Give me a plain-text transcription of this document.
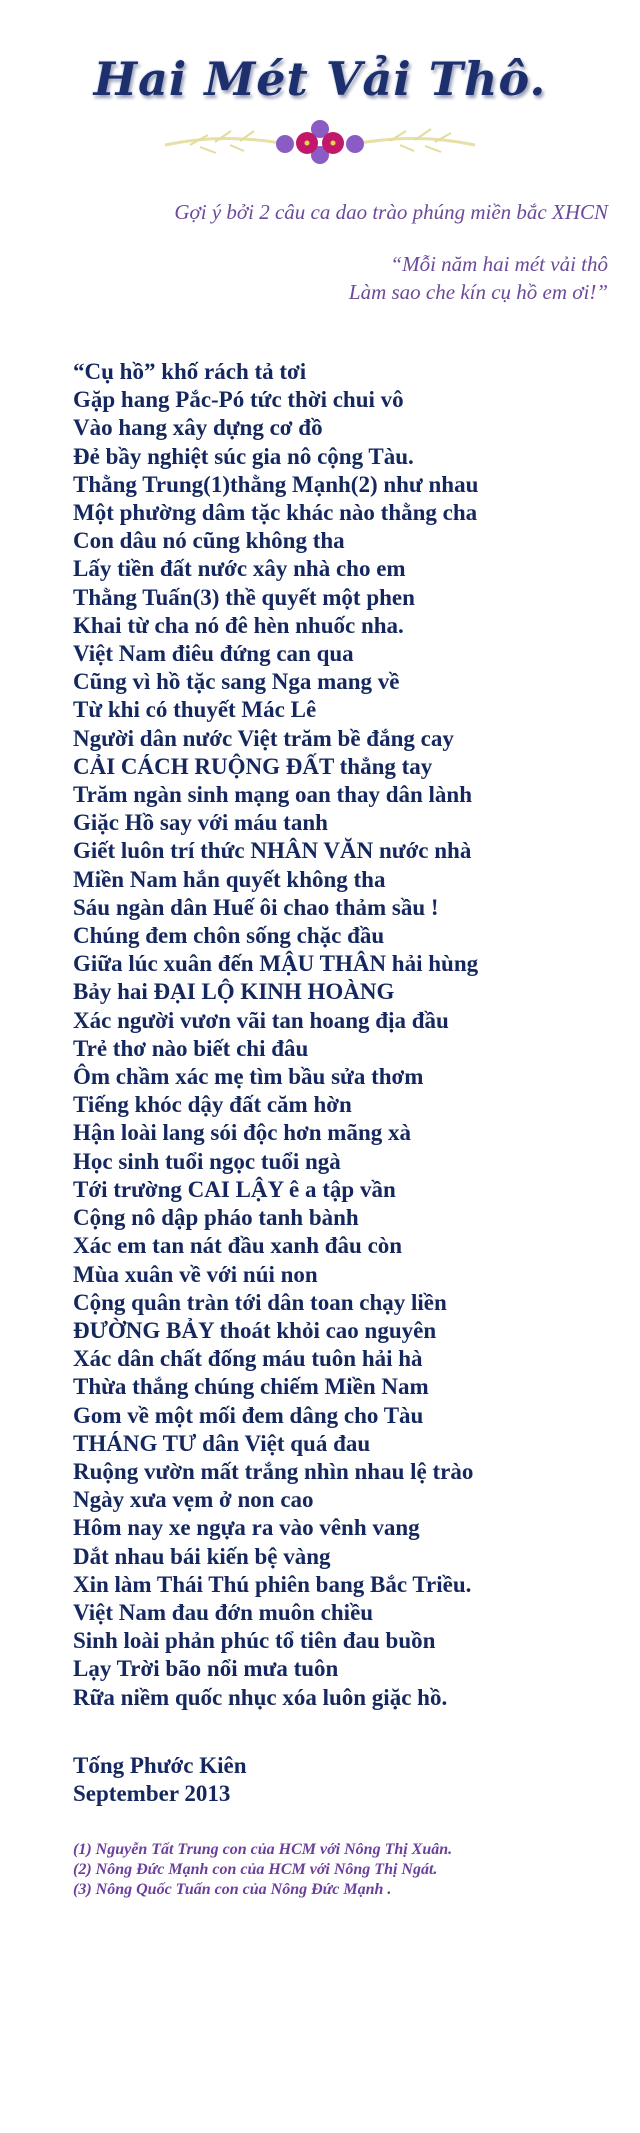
Hai Mét Vải Thô.
Gợi ý bởi 2 câu ca dao trào phúng miền bắc XHCN
“Mỗi năm hai mét vải thô
Làm sao che kín cụ hồ em ơi!”
“Cụ hồ” khố rách tả tơi
Gặp hang Pắc-Pó tức thời chui vô
Vào hang xây dựng cơ đồ
Đẻ bầy nghiệt súc gia nô cộng Tàu.
Thằng Trung(1)thằng Mạnh(2) như nhau
Một phường dâm tặc khác nào thằng cha
Con dâu nó cũng không tha
Lấy tiền đất nước xây nhà cho em
Thằng Tuấn(3) thề quyết một phen
Khai từ cha nó đê hèn nhuốc nha.
Việt Nam điêu đứng can qua
Cũng vì hồ tặc sang Nga mang về
Từ khi có thuyết Mác Lê
Người dân nước Việt trăm bề đắng cay
CẢI CÁCH RUỘNG ĐẤT thẳng tay
Trăm ngàn sinh mạng oan thay dân lành
Giặc Hồ say với máu tanh
Giết luôn trí thức NHÂN VĂN nước nhà
Miền Nam hắn quyết không tha
Sáu ngàn dân Huế ôi chao thảm sầu !
Chúng đem chôn sống chặc đầu
Giữa lúc xuân đến MẬU THÂN hải hùng
Bảy hai ĐẠI LỘ KINH HOÀNG
Xác người vươn vãi tan hoang địa đầu
Trẻ thơ nào biết chi đâu
Ôm chầm xác mẹ tìm bầu sửa thơm
Tiếng khóc dậy đất căm hờn
Hận loài lang sói độc hơn mãng xà
Học sinh tuổi ngọc tuổi ngà
Tới trường CAI LẬY ê a tập vần
Cộng nô dập pháo tanh bành
Xác em tan nát đầu xanh đâu còn
Mùa xuân về với núi non
Cộng quân tràn tới dân toan chạy liền
ĐƯỜNG BẢY thoát khỏi cao nguyên
Xác dân chất đống máu tuôn hải hà
Thừa thắng chúng chiếm Miền Nam
Gom về một mối đem dâng cho Tàu
THÁNG TƯ dân Việt quá đau
Ruộng vườn mất trắng nhìn nhau lệ trào
Ngày xưa vẹm ở non cao
Hôm nay xe ngựa ra vào vênh vang
Dắt nhau bái kiến bệ vàng
Xin làm Thái Thú phiên bang Bắc Triều.
Việt Nam đau đớn muôn chiều
Sinh loài phản phúc tổ tiên đau buồn
Lạy Trời bão nổi mưa tuôn
Rữa niềm quốc nhục xóa luôn giặc hồ.
Tống Phước Kiên
September 2013
(1) Nguyễn Tất Trung con của HCM với Nông Thị Xuân.
(2) Nông Đức Mạnh con của HCM với Nông Thị Ngát.
(3) Nông Quốc Tuấn con của Nông Đức Mạnh .
